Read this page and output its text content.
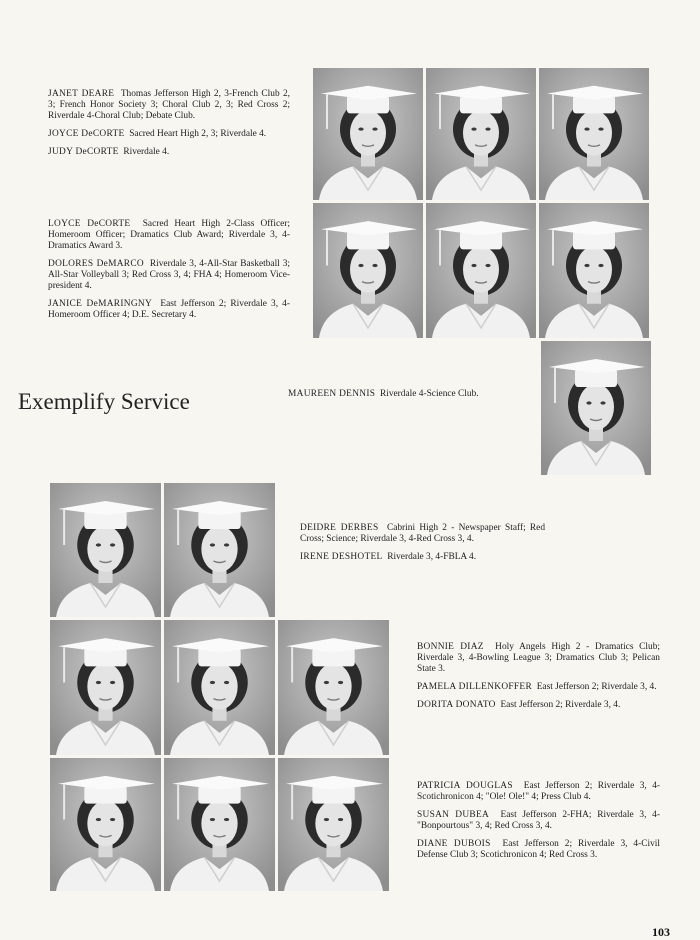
JANET DEARE Thomas Jefferson High 2, 3-French Club 2, 3; French Honor Society 3; Choral Club 2, 3; Red Cross 2; Riverdale 4-Choral Club; Debate Club.

JOYCE DeCORTE Sacred Heart High 2, 3; Riverdale 4.

JUDY DeCORTE Riverdale 4.

LOYCE DeCORTE Sacred Heart High 2-Class Officer; Homeroom Officer; Dramatics Club Award; Riverdale 3, 4-Dramatics Award 3.

DOLORES DeMARCO Riverdale 3, 4-All-Star Basketball 3; All-Star Volleyball 3; Red Cross 3, 4; FHA 4; Homeroom Vice-president 4.

JANICE DeMARINGNY East Jefferson 2; Riverdale 3, 4-Homeroom Officer 4; D.E. Secretary 4.

Exemplify Service	MAUREEN DENNIS Riverdale 4-Science Club.

DEIDRE DERBES Cabrini High 2 - Newspaper Staff; Red Cross; Science; Riverdale 3, 4-Red Cross 3, 4.

IRENE DESHOTEL Riverdale 3, 4-FBLA 4.

BONNIE DIAZ Holy Angels High 2 - Dramatics Club; Riverdale 3, 4-Bowling League 3; Dramatics Club 3; Pelican State 3.

PAMELA DILLENKOFFER East Jefferson 2; Riverdale 3, 4.

DORITA DONATO East Jefferson 2; Riverdale 3, 4.

PATRICIA DOUGLAS East Jefferson 2; Riverdale 3, 4-Scotichronicon 4; "Ole! Ole!" 4; Press Club 4.

SUSAN DUBEA East Jefferson 2-FHA; Riverdale 3, 4-"Bonpourtous" 3, 4; Red Cross 3, 4.

DIANE DUBOIS East Jefferson 2; Riverdale 3, 4-Civil Defense Club 3; Scotichronicon 4; Red Cross 3.

103
